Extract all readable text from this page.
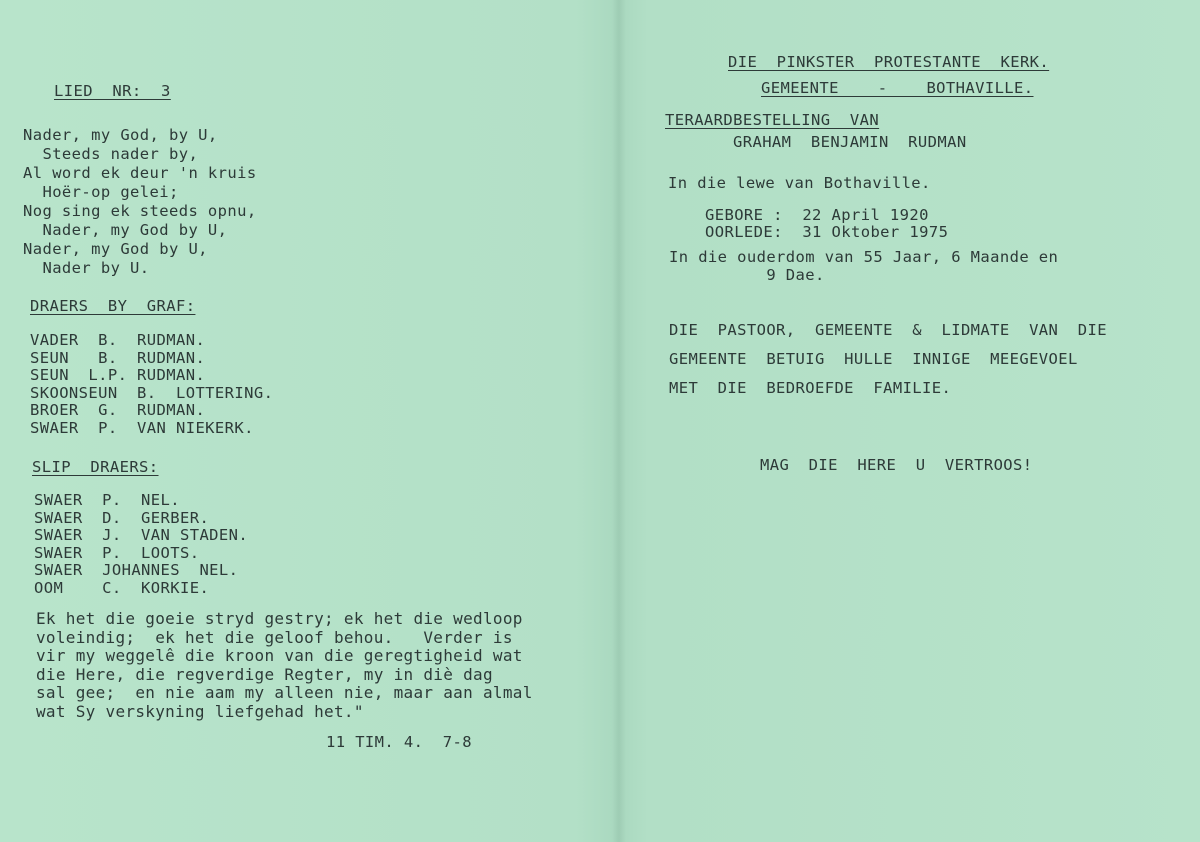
LIED  NR:  3
Nader, my God, by U,
Steeds nader by,
Al word ek deur 'n kruis
Hoër-op gelei;
Nog sing ek steeds opnu,
Nader, my God by U,
Nader, my God by U,
Nader by U.
DRAERS  BY  GRAF:
VADER  B.  RUDMAN.
SEUN   B.  RUDMAN.
SEUN  L.P. RUDMAN.
SKOONSEUN  B.  LOTTERING.
BROER  G.  RUDMAN.
SWAER  P.  VAN NIEKERK.
SLIP  DRAERS:
SWAER  P.  NEL.
SWAER  D.  GERBER.
SWAER  J.  VAN STADEN.
SWAER  P.  LOOTS.
SWAER  JOHANNES  NEL.
OOM    C.  KORKIE.
Ek het die goeie stryd gestry; ek het die wedloop
voleindig;  ek het die geloof behou.   Verder is
vir my weggelê die kroon van die geregtigheid wat
die Here, die regverdige Regter, my in diè dag
sal gee;  en nie aam my alleen nie, maar aan almal
wat Sy verskyning liefgehad het."
11 TIM. 4.  7-8
DIE  PINKSTER  PROTESTANTE  KERK.
GEMEENTE    -    BOTHAVILLE.
TERAARDBESTELLING  VAN
GRAHAM  BENJAMIN  RUDMAN
In die lewe van Bothaville.
GEBORE :  22 April 1920
OORLEDE:  31 Oktober 1975
In die ouderdom van 55 Jaar, 6 Maande en
9 Dae.
DIE  PASTOOR,  GEMEENTE  &  LIDMATE  VAN  DIE
GEMEENTE  BETUIG  HULLE  INNIGE  MEEGEVOEL
MET  DIE  BEDROEFDE  FAMILIE.
MAG  DIE  HERE  U  VERTROOS!
